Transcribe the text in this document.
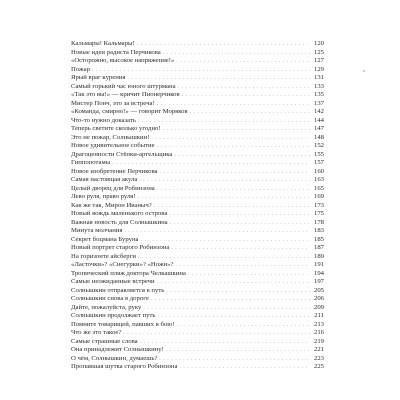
Кальмары! Кальмары! . . .	120
Новые идеи радиста Перчикова . . .	125
«Осторожно, высокое напряжение!» . . .	127
Пожар . . .	129
Ярый враг курения . . .	131
Самый горький час юного штурмана . . .	133
«Так это вы!» — кричит Пионерчиков . . .	135
Мистер Понч, это за встреча! . . .	137
«Команда, смирно!» — говорит Моряков . . .	142
Что-то нужно доказать . . .	144
Теперь светите сколько угодно! . . .	147
Это не пожар, Солнышкин! . . .	148
Новое удивительное событие . . .	152
Драгоценности Стёпки-артельщика . . .	155
Гиппопотамы . . .	157
Новое изобретение Перчикова . . .	160
Самая настоящая акула . . .	163
Целый дворец для Робинзона . . .	165
Лево руля, право руля! . . .	169
Как же так, Мирон Иваныч? . . .	173
Новый вождь маленького острова . . .	175
Важная новость для Солнышкина . . .	178
Минута молчания . . .	183
Секрет боцмана Буруна . . .	185
Новый портрет старого Робинзона . . .	187
На горизонте айсберги . . .	189
«Ласточки»? «Снегурки»? «Ножи»? . . .	191
Тропический пляж доктора Челкашкина . . .	194
Самые неожиданные встречи . . .	197
Солнышкин отправляется в путь . . .	205
Солнышкин снова в дороге . . .	206
Дайте, пожалуйста, руку . . .	209
Солнышкин продолжает путь . . .	211
Помните товарищей, павших в бою! . . .	213
Что же это такое? . . .	216
Самые страшные слова . . .	219
Она принадлежит Солнышкину! . . .	221
О чём, Солнышкин, думаешь? . . .	223
Пропавшая шутка старого Робинзона . . .	225
